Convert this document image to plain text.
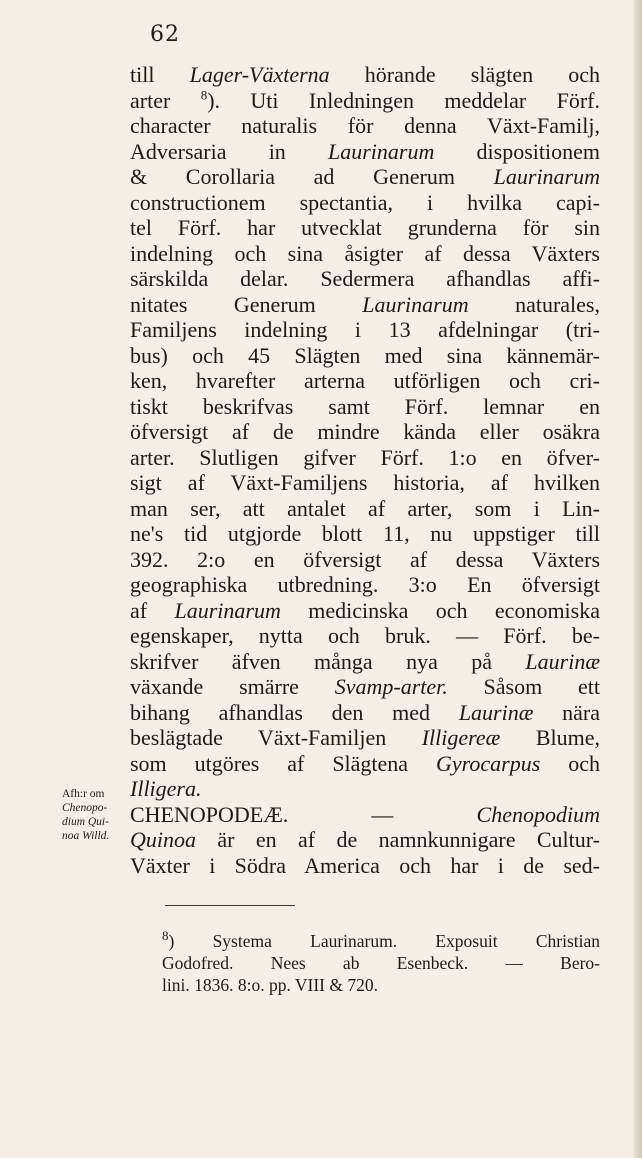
62
till Lager-Växterna hörande slägten och
arter $^8$). Uti Inledningen meddelar Förf.
character naturalis för denna Växt-Familj,
Adversaria in Laurinarum dispositionem
& Corollaria ad Generum Laurinarum
constructionem spectantia, i hvilka capi-
tel Förf. har utvecklat grunderna för sin
indelning och sina åsigter af dessa Växters
särskilda delar. Sedermera afhandlas affi-
nitates Generum Laurinarum naturales,
Familjens indelning i 13 afdelningar (tri-
bus) och 45 Slägten med sina kännemär-
ken, hvarefter arterna utförligen och cri-
tiskt beskrifvas samt Förf. lemnar en
öfversigt af de mindre kända eller osäkra
arter. Slutligen gifver Förf. 1:o en öfver-
sigt af Växt-Familjens historia, af hvilken
man ser, att antalet af arter, som i Lin-
ne's tid utgjorde blott 11, nu uppstiger till
392. 2:o en öfversigt af dessa Växters
geographiska utbredning. 3:o En öfversigt
af Laurinarum medicinska och economiska
egenskaper, nytta och bruk. — Förf. be-
skrifver äfven många nya på Laurinæ
växande smärre Svamp-arter. Såsom ett
bihang afhandlas den med Laurinæ nära
beslägtade Växt-Familjen Illigereæ Blume,
som utgöres af Slägtena Gyrocarpus och
Illigera.
CHENOPODEÆ. — Chenopodium
Quinoa är en af de namnkunnigare Cultur-
Växter i Södra America och har i de sed-
Afh:r om
Chenopo-
dium Qui-
noa Willd.
$^8$) Systema Laurinarum. Exposuit Christian
Godofred. Nees ab Esenbeck. — Bero-
lini. 1836. 8:o. pp. VIII & 720.
